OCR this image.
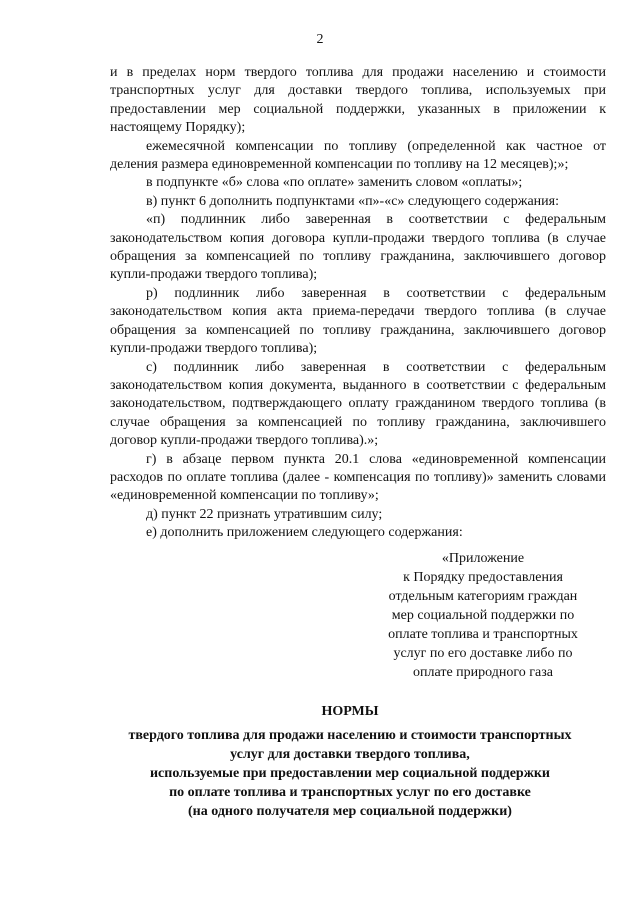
2

и в пределах норм твердого топлива для продажи населению и стоимости транспортных услуг для доставки твердого топлива, используемых при предоставлении мер социальной поддержки, указанных в приложении к настоящему Порядку);

ежемесячной компенсации по топливу (определенной как частное от деления размера единовременной компенсации по топливу на 12 месяцев);»;

в подпункте «б» слова «по оплате» заменить словом «оплаты»;

в) пункт 6 дополнить подпунктами «п»-«с» следующего содержания:

«п) подлинник либо заверенная в соответствии с федеральным законодательством копия договора купли-продажи твердого топлива (в случае обращения за компенсацией по топливу гражданина, заключившего договор купли-продажи твердого топлива);

р) подлинник либо заверенная в соответствии с федеральным законодательством копия акта приема-передачи твердого топлива (в случае обращения за компенсацией по топливу гражданина, заключившего договор купли-продажи твердого топлива);

с) подлинник либо заверенная в соответствии с федеральным законодательством копия документа, выданного в соответствии с федеральным законодательством, подтверждающего оплату гражданином твердого топлива (в случае обращения за компенсацией по топливу гражданина, заключившего договор купли-продажи твердого топлива).»;

г) в абзаце первом пункта 20.1 слова «единовременной компенсации расходов по оплате топлива (далее - компенсация по топливу)» заменить словами «единовременной компенсации по топливу»;

д) пункт 22 признать утратившим силу;

е) дополнить приложением следующего содержания:

«Приложение
к Порядку предоставления
отдельным категориям граждан
мер социальной поддержки по
оплате топлива и транспортных
услуг по его доставке либо по
оплате природного газа
НОРМЫ
твердого топлива для продажи населению и стоимости транспортных
услуг для доставки твердого топлива,
используемые при предоставлении мер социальной поддержки
по оплате топлива и транспортных услуг по его доставке
(на одного получателя мер социальной поддержки)
